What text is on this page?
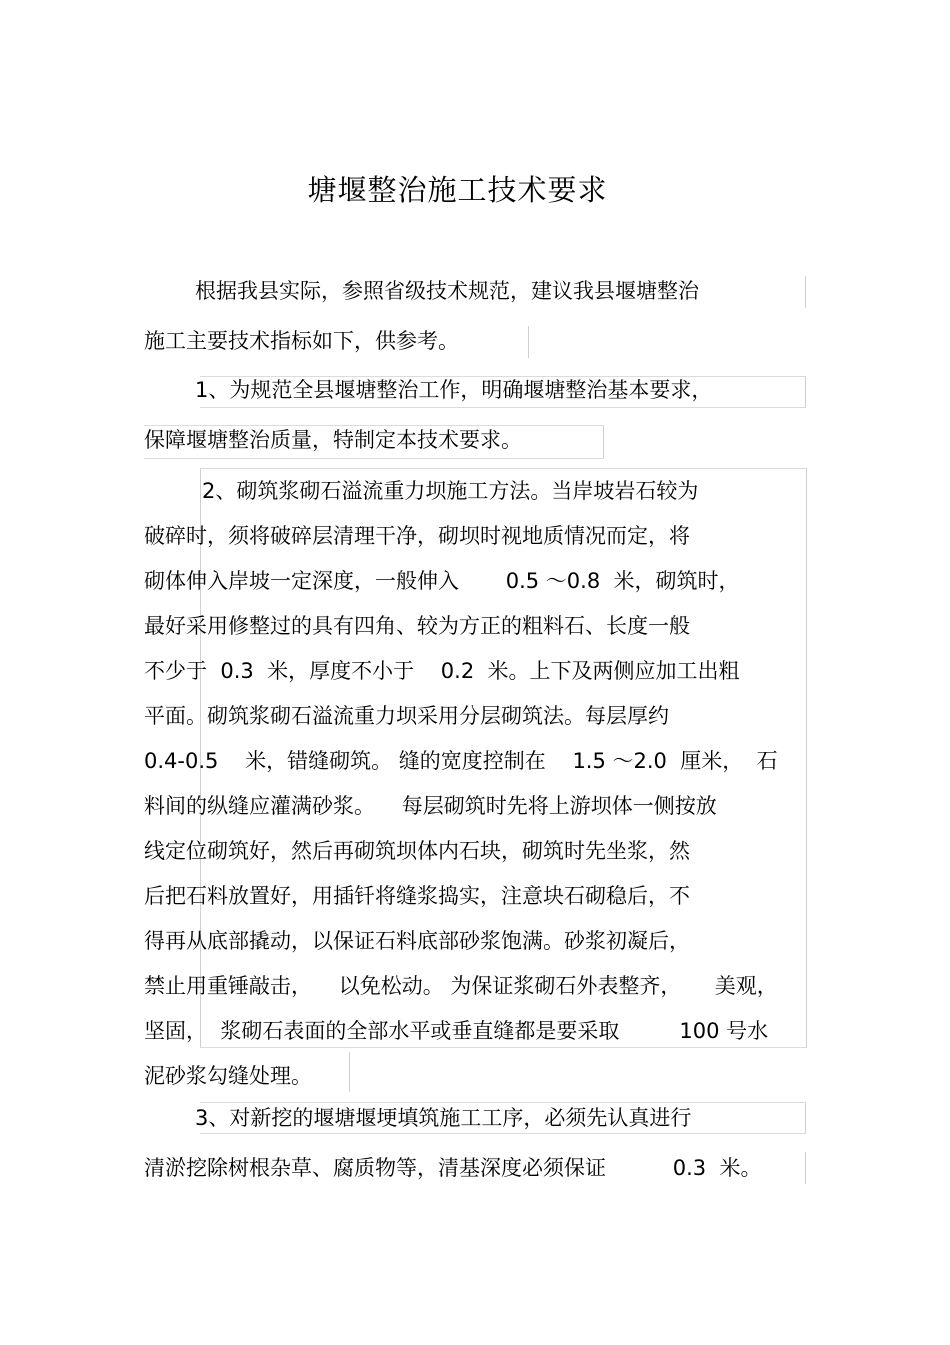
塘堰整治施工技术要求
根据我县实际，参照省级技术规范，建议我县堰塘整治
施工主要技术指标如下，供参考。
1、为规范全县堰塘整治工作，明确堰塘整治基本要求，
保障堰塘整治质量，特制定本技术要求。
2、砌筑浆砌石溢流重力坝施工方法。当岸坡岩石较为
破碎时，须将破碎层清理干净，砌坝时视地质情况而定，将
砌体伸入岸坡一定深度，一般伸入       0.5 ～0.8  米，砌筑时，
最好采用修整过的具有四角、较为方正的粗料石、长度一般
不少于  0.3  米，厚度不小于    0.2  米。上下及两侧应加工出粗
平面。砌筑浆砌石溢流重力坝采用分层砌筑法。每层厚约
0.4-0.5    米，错缝砌筑。 缝的宽度控制在    1.5 ～2.0  厘米，  石
料间的纵缝应灌满砂浆。    每层砌筑时先将上游坝体一侧按放
线定位砌筑好，然后再砌筑坝体内石块，砌筑时先坐浆，然
后把石料放置好，用插钎将缝浆捣实，注意块石砌稳后，不
得再从底部撬动，以保证石料底部砂浆饱满。砂浆初凝后，
禁止用重锤敲击，    以免松动。 为保证浆砌石外表整齐，     美观，
坚固，  浆砌石表面的全部水平或垂直缝都是要采取         100 号水
泥砂浆勾缝处理。
3、对新挖的堰塘堰埂填筑施工工序，必须先认真进行
清淤挖除树根杂草、腐质物等，清基深度必须保证          0.3  米。
